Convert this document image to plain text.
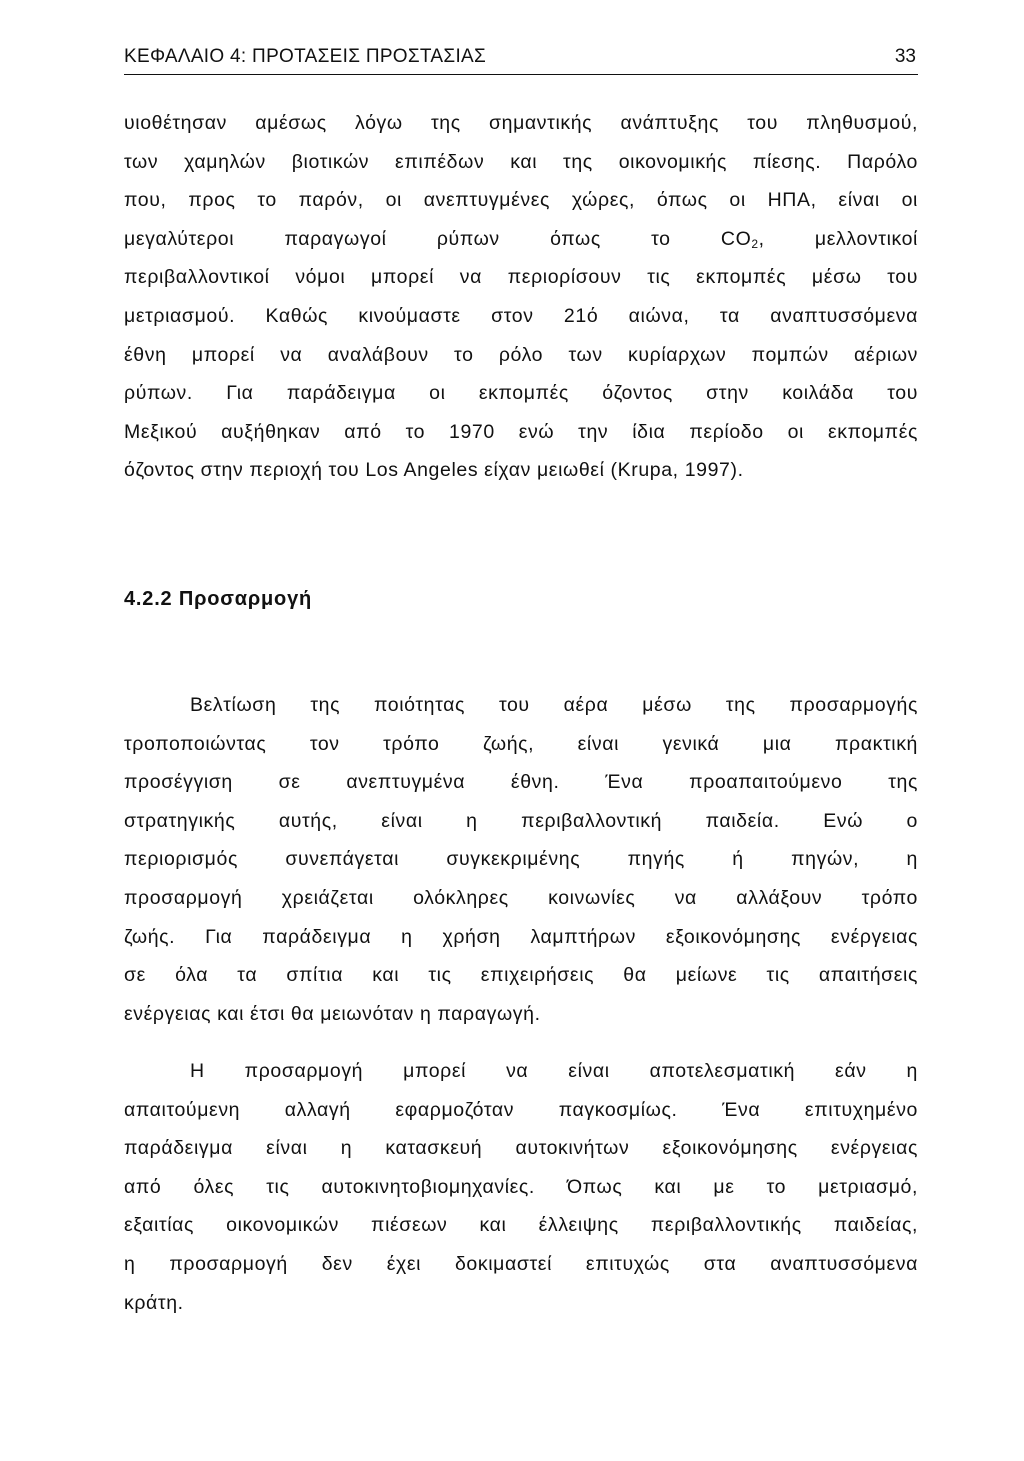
ΚΕΦΑΛΑΙΟ 4: ΠΡΟΤΑΣΕΙΣ ΠΡΟΣΤΑΣΙΑΣ	33

υιοθέτησαν αμέσως λόγω της σημαντικής ανάπτυξης του πληθυσμού,
των χαμηλών βιοτικών επιπέδων και της οικονομικής πίεσης. Παρόλο
που, προς το παρόν, οι ανεπτυγμένες χώρες, όπως οι ΗΠΑ, είναι οι
μεγαλύτεροι παραγωγοί ρύπων όπως το $CO_2$, μελλοντικοί
περιβαλλοντικοί νόμοι μπορεί να περιορίσουν τις εκπομπές μέσω του
μετριασμού. Καθώς κινούμαστε στον 21ό αιώνα, τα αναπτυσσόμενα
έθνη μπορεί να αναλάβουν το ρόλο των κυρίαρχων πομπών αέριων
ρύπων. Για παράδειγμα οι εκπομπές όζοντος στην κοιλάδα του
Μεξικού αυξήθηκαν από το 1970 ενώ την ίδια περίοδο οι εκπομπές
όζοντος στην περιοχή του Los Angeles είχαν μειωθεί (Krupa, 1997).

4.2.2 Προσαρμογή

Βελτίωση της ποιότητας του αέρα μέσω της προσαρμογής
τροποποιώντας τον τρόπο ζωής, είναι γενικά μια πρακτική
προσέγγιση σε ανεπτυγμένα έθνη. Ένα προαπαιτούμενο της
στρατηγικής αυτής, είναι η περιβαλλοντική παιδεία. Ενώ ο
περιορισμός συνεπάγεται συγκεκριμένης πηγής ή πηγών, η
προσαρμογή χρειάζεται ολόκληρες κοινωνίες να αλλάξουν τρόπο
ζωής. Για παράδειγμα η χρήση λαμπτήρων εξοικονόμησης ενέργειας
σε όλα τα σπίτια και τις επιχειρήσεις θα μείωνε τις απαιτήσεις
ενέργειας και έτσι θα μειωνόταν η παραγωγή.

Η προσαρμογή μπορεί να είναι αποτελεσματική εάν η
απαιτούμενη αλλαγή εφαρμοζόταν παγκοσμίως. Ένα επιτυχημένο
παράδειγμα είναι η κατασκευή αυτοκινήτων εξοικονόμησης ενέργειας
από όλες τις αυτοκινητοβιομηχανίες. Όπως και με το μετριασμό,
εξαιτίας οικονομικών πιέσεων και έλλειψης περιβαλλοντικής παιδείας,
η προσαρμογή δεν έχει δοκιμαστεί επιτυχώς στα αναπτυσσόμενα
κράτη.
